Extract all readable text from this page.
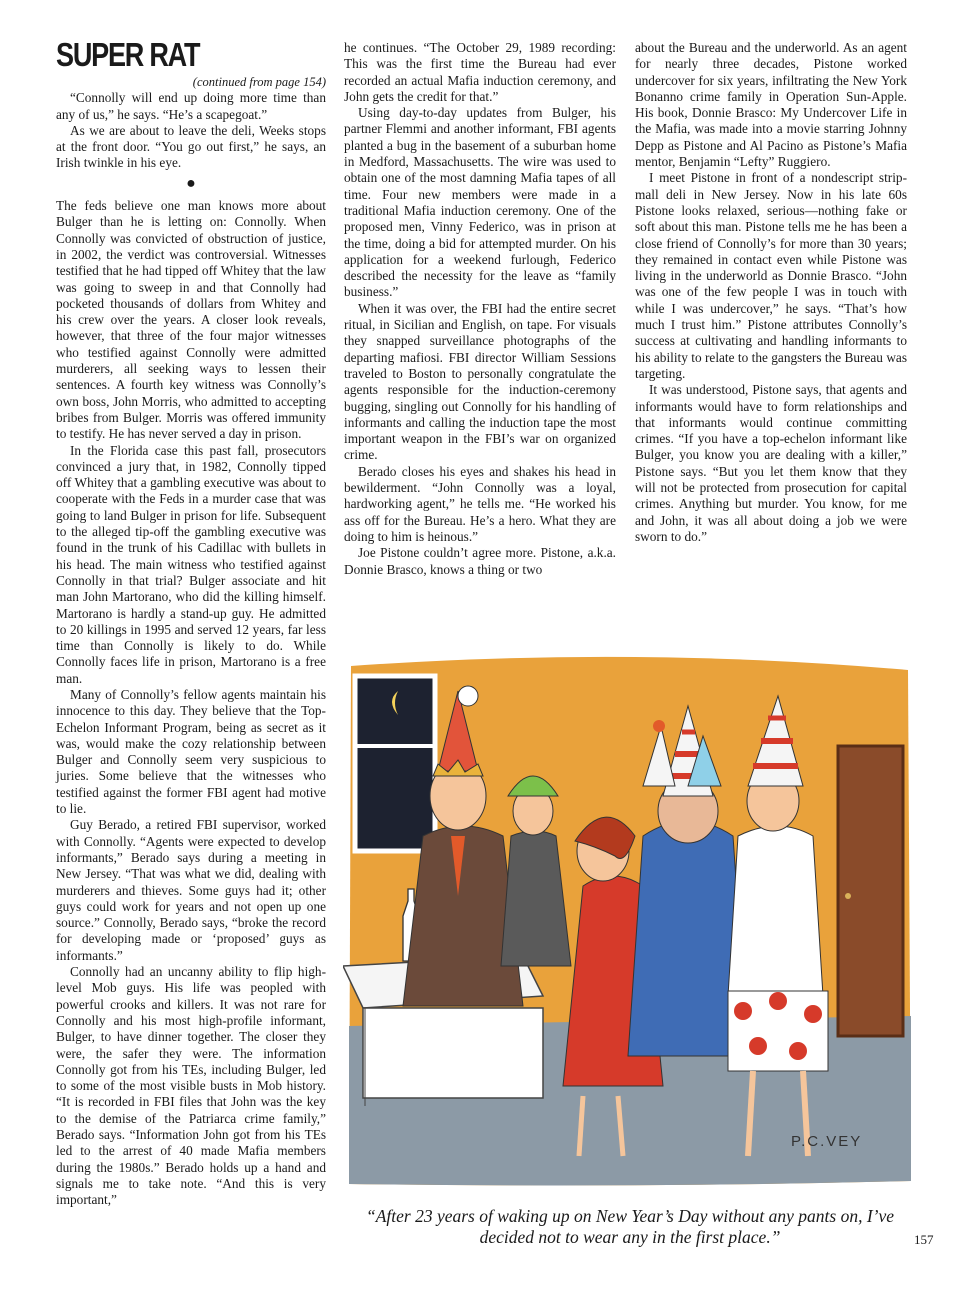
SUPER RAT

(continued from page 154)

“Connolly will end up doing more time than any of us,” he says. “He’s a scapegoat.”

As we are about to leave the deli, Weeks stops at the front door. “You go out first,” he says, an Irish twinkle in his eye.

●

The feds believe one man knows more about Bulger than he is letting on: Connolly. When Connolly was convicted of obstruction of justice, in 2002, the verdict was controversial. Witnesses testified that he had tipped off Whitey that the law was going to sweep in and that Connolly had pocketed thousands of dollars from Whitey and his crew over the years. A closer look reveals, however, that three of the four major witnesses who testified against Connolly were admitted murderers, all seeking ways to lessen their sentences. A fourth key witness was Connolly’s own boss, John Morris, who admitted to accepting bribes from Bulger. Morris was offered immunity to testify. He has never served a day in prison.

In the Florida case this past fall, prosecutors convinced a jury that, in 1982, Connolly tipped off Whitey that a gambling executive was about to cooperate with the Feds in a murder case that was going to land Bulger in prison for life. Subsequent to the alleged tip-off the gambling executive was found in the trunk of his Cadillac with bullets in his head. The main witness who testified against Connolly in that trial? Bulger associate and hit man John Martorano, who did the killing himself. Martorano is hardly a stand-up guy. He admitted to 20 killings in 1995 and served 12 years, far less time than Connolly is likely to do. While Connolly faces life in prison, Martorano is a free man.

Many of Connolly’s fellow agents maintain his innocence to this day. They believe that the Top-Echelon Informant Program, being as secret as it was, would make the cozy relationship between Bulger and Connolly seem very suspicious to juries. Some believe that the witnesses who testified against the former FBI agent had motive to lie.

Guy Berado, a retired FBI supervisor, worked with Connolly. “Agents were expected to develop informants,” Berado says during a meeting in New Jersey. “That was what we did, dealing with murderers and thieves. Some guys had it; other guys could work for years and not open up one source.” Connolly, Berado says, “broke the record for developing made or ‘proposed’ guys as informants.”

Connolly had an uncanny ability to flip high-level Mob guys. His life was peopled with powerful crooks and killers. It was not rare for Connolly and his most high-profile informant, Bulger, to have dinner together. The closer they were, the safer they were. The information Connolly got from his TEs, including Bulger, led to some of the most visible busts in Mob history. “It is recorded in FBI files that John was the key to the demise of the Patriarca crime family,” Berado says. “Information John got from his TEs led to the arrest of 40 made Mafia members during the 1980s.” Berado holds up a hand and signals me to take note. “And this is very important,”

he continues. “The October 29, 1989 recording: This was the first time the Bureau had ever recorded an actual Mafia induction ceremony, and John gets the credit for that.”

Using day-to-day updates from Bulger, his partner Flemmi and another informant, FBI agents planted a bug in the basement of a suburban home in Medford, Massachusetts. The wire was used to obtain one of the most damning Mafia tapes of all time. Four new members were made in a traditional Mafia induction ceremony. One of the proposed men, Vinny Federico, was in prison at the time, doing a bid for attempted murder. On his application for a weekend furlough, Federico described the necessity for the leave as “family business.”

When it was over, the FBI had the entire secret ritual, in Sicilian and English, on tape. For visuals they snapped surveillance photographs of the departing mafiosi. FBI director William Sessions traveled to Boston to personally congratulate the agents responsible for the induction-ceremony bugging, singling out Connolly for his handling of informants and calling the induction tape the most important weapon in the FBI’s war on organized crime.

Berado closes his eyes and shakes his head in bewilderment. “John Connolly was a loyal, hardworking agent,” he tells me. “He worked his ass off for the Bureau. He’s a hero. What they are doing to him is heinous.”

Joe Pistone couldn’t agree more. Pistone, a.k.a. Donnie Brasco, knows a thing or two

about the Bureau and the underworld. As an agent for nearly three decades, Pistone worked undercover for six years, infiltrating the New York Bonanno crime family in Operation Sun-Apple. His book, Donnie Brasco: My Undercover Life in the Mafia, was made into a movie starring Johnny Depp as Pistone and Al Pacino as Pistone’s Mafia mentor, Benjamin “Lefty” Ruggiero.

I meet Pistone in front of a nondescript strip-mall deli in New Jersey. Now in his late 60s Pistone looks relaxed, serious—nothing fake or soft about this man. Pistone tells me he has been a close friend of Connolly’s for more than 30 years; they remained in contact even while Pistone was living in the underworld as Donnie Brasco. “John was one of the few people I was in touch with while I was undercover,” he says. “That’s how much I trust him.” Pistone attributes Connolly’s success at cultivating and handling informants to his ability to relate to the gangsters the Bureau was targeting.

It was understood, Pistone says, that agents and informants would have to form relationships and that informants would continue committing crimes. “If you have a top-echelon informant like Bulger, you know you are dealing with a killer,” Pistone says. “But you let them know that they will not be protected from prosecution for capital crimes. Anything but murder. You know, for me and John, it was all about doing a job we were sworn to do.”

P.C.VEY
“After 23 years of waking up on New Year’s Day without any pants on, I’ve decided not to wear any in the first place.”	157
